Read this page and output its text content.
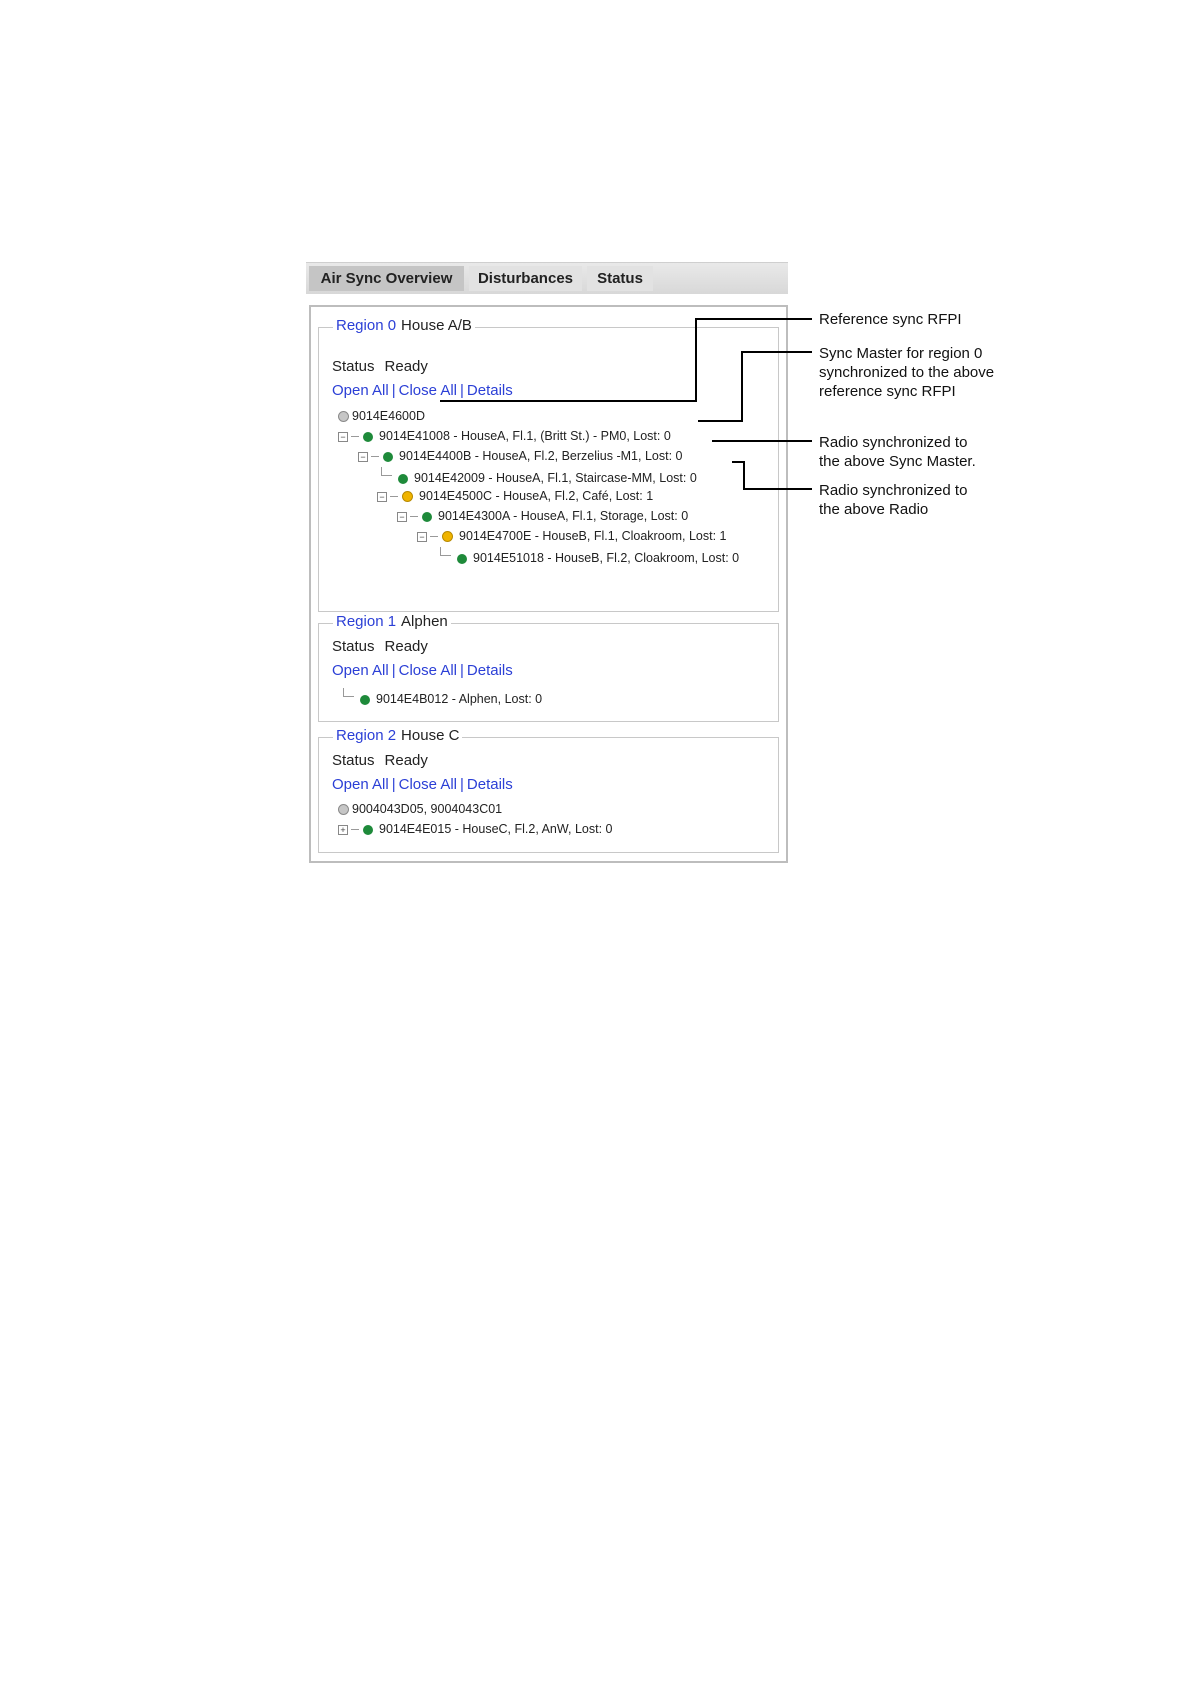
Air Sync Overview	Disturbances	Status
Region 0 House A/B
Status Ready
Open All | Close All | Details
9014E4600D
−	9014E41008 - HouseA, Fl.1, (Britt St.) - PM0, Lost: 0
−	9014E4400B - HouseA, Fl.2, Berzelius -M1, Lost: 0
9014E42009 - HouseA, Fl.1, Staircase-MM, Lost: 0
−	9014E4500C - HouseA, Fl.2, Café, Lost: 1
−	9014E4300A - HouseA, Fl.1, Storage, Lost: 0
−	9014E4700E - HouseB, Fl.1, Cloakroom, Lost: 1
9014E51018 - HouseB, Fl.2, Cloakroom, Lost: 0
Region 1 Alphen
Status Ready
Open All | Close All | Details
9014E4B012 - Alphen, Lost: 0
Region 2 House C
Status Ready
Open All | Close All | Details
9004043D05, 9004043C01
+	9014E4E015 - HouseC, Fl.2, AnW, Lost: 0
Reference sync RFPI
Sync Master for region 0 synchronized to the above reference sync RFPI
Radio synchronized to the above Sync Master.
Radio synchronized to the above Radio
